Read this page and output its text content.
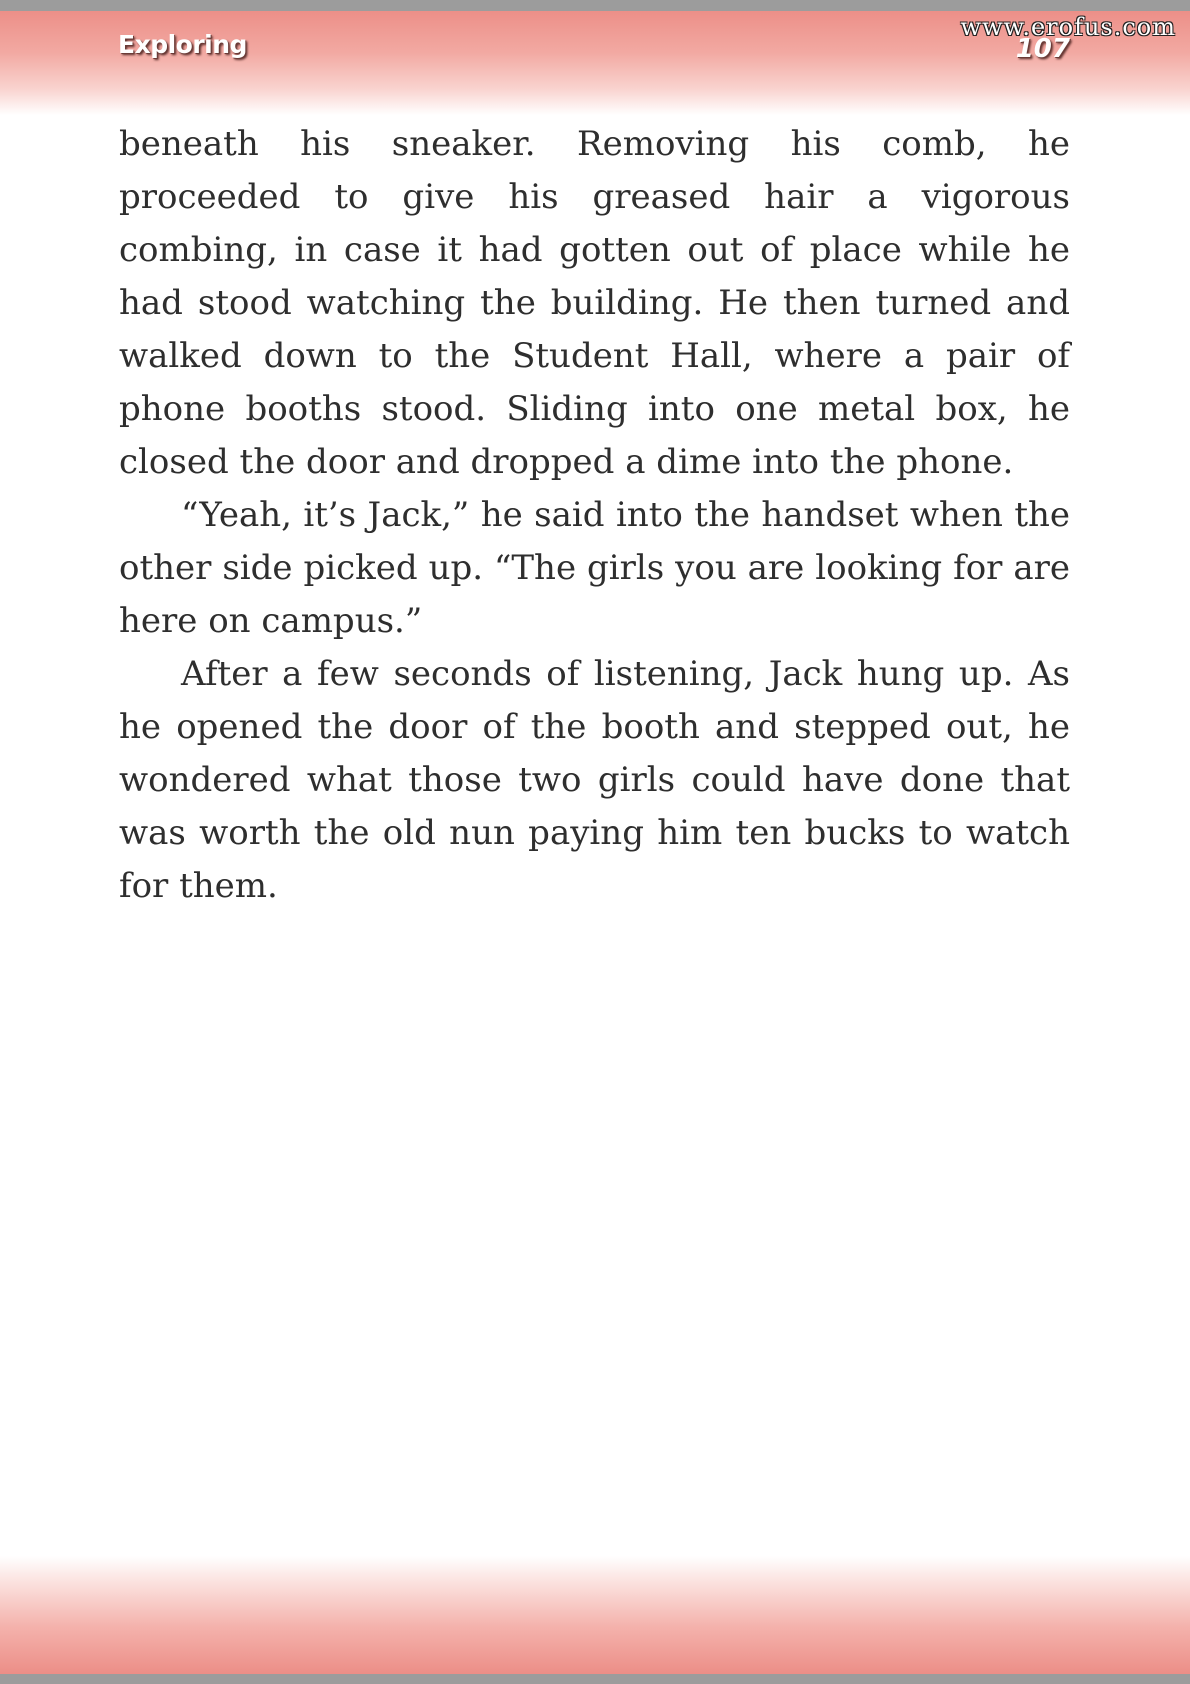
Exploring	107
www.erofus.com

beneath his sneaker. Removing his comb, he proceeded to give his greased hair a vigorous combing, in case it had gotten out of place while he had stood watching the building. He then turned and walked down to the Student Hall, where a pair of phone booths stood. Sliding into one metal box, he closed the door and dropped a dime into the phone.

“Yeah, it’s Jack,” he said into the handset when the other side picked up. “The girls you are looking for are here on campus.”

After a few seconds of listening, Jack hung up. As he opened the door of the booth and stepped out, he wondered what those two girls could have done that was worth the old nun paying him ten bucks to watch for them.
